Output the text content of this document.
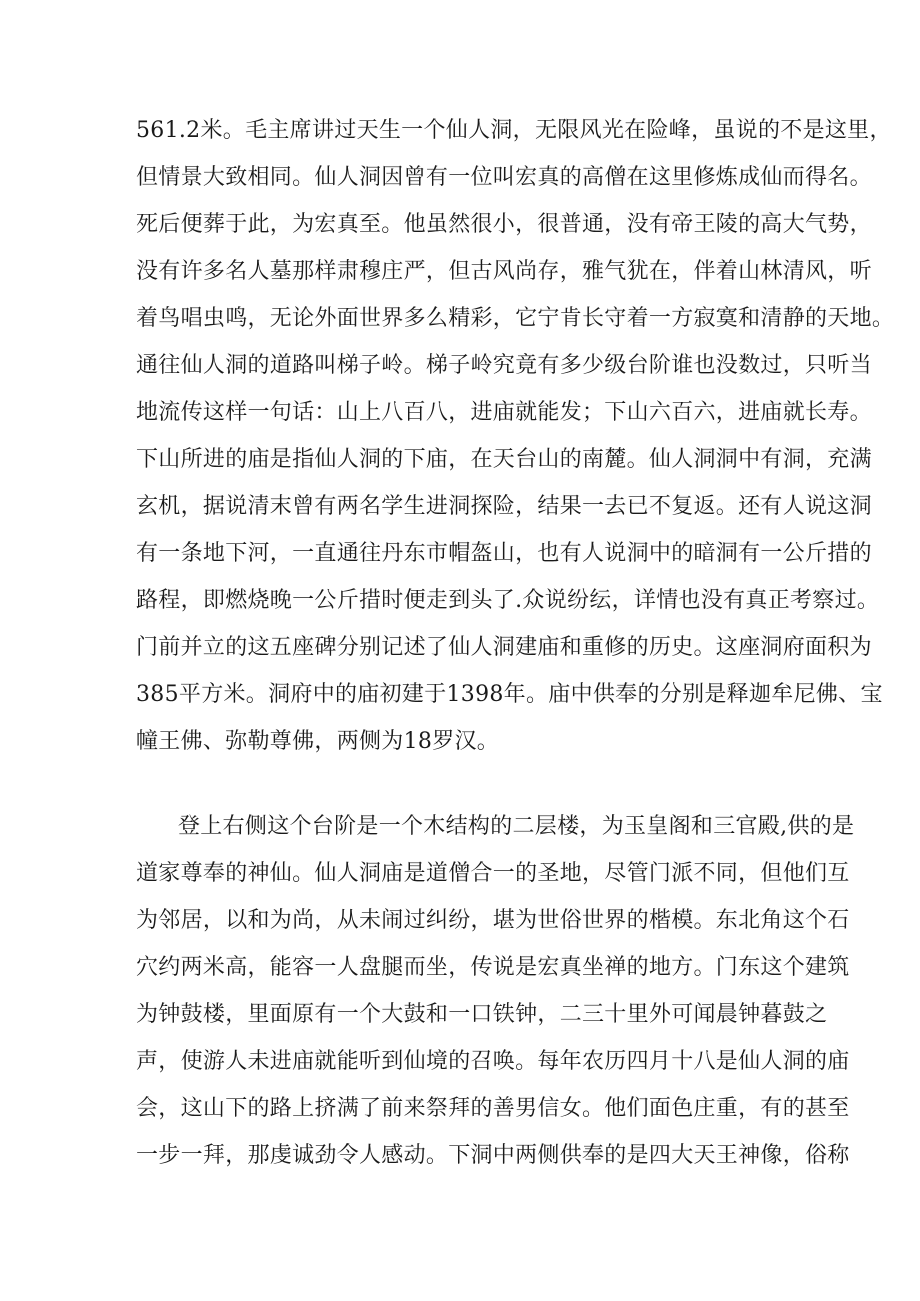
561.2米。毛主席讲过天生一个仙人洞，无限风光在险峰，虽说的不是这里，
但情景大致相同。仙人洞因曾有一位叫宏真的高僧在这里修炼成仙而得名。
死后便葬于此，为宏真至。他虽然很小，很普通，没有帝王陵的高大气势，
没有许多名人墓那样肃穆庄严，但古风尚存，雅气犹在，伴着山林清风，听
着鸟唱虫鸣，无论外面世界多么精彩，它宁肯长守着一方寂寞和清静的天地。
通往仙人洞的道路叫梯子岭。梯子岭究竟有多少级台阶谁也没数过，只听当
地流传这样一句话：山上八百八，进庙就能发；下山六百六，进庙就长寿。
下山所进的庙是指仙人洞的下庙，在天台山的南麓。仙人洞洞中有洞，充满
玄机，据说清末曾有两名学生进洞探险，结果一去已不复返。还有人说这洞
有一条地下河，一直通往丹东市帽盔山，也有人说洞中的暗洞有一公斤措的
路程，即燃烧晚一公斤措时便走到头了.众说纷纭，详情也没有真正考察过。
门前并立的这五座碑分别记述了仙人洞建庙和重修的历史。这座洞府面积为
385平方米。洞府中的庙初建于1398年。庙中供奉的分别是释迦牟尼佛、宝
幢王佛、弥勒尊佛，两侧为18罗汉。
登上右侧这个台阶是一个木结构的二层楼，为玉皇阁和三官殿,供的是
道家尊奉的神仙。仙人洞庙是道僧合一的圣地，尽管门派不同，但他们互
为邻居，以和为尚，从未闹过纠纷，堪为世俗世界的楷模。东北角这个石
穴约两米高，能容一人盘腿而坐，传说是宏真坐禅的地方。门东这个建筑
为钟鼓楼，里面原有一个大鼓和一口铁钟，二三十里外可闻晨钟暮鼓之
声，使游人未进庙就能听到仙境的召唤。每年农历四月十八是仙人洞的庙
会，这山下的路上挤满了前来祭拜的善男信女。他们面色庄重，有的甚至
一步一拜，那虔诚劲令人感动。下洞中两侧供奉的是四大天王神像，俗称
